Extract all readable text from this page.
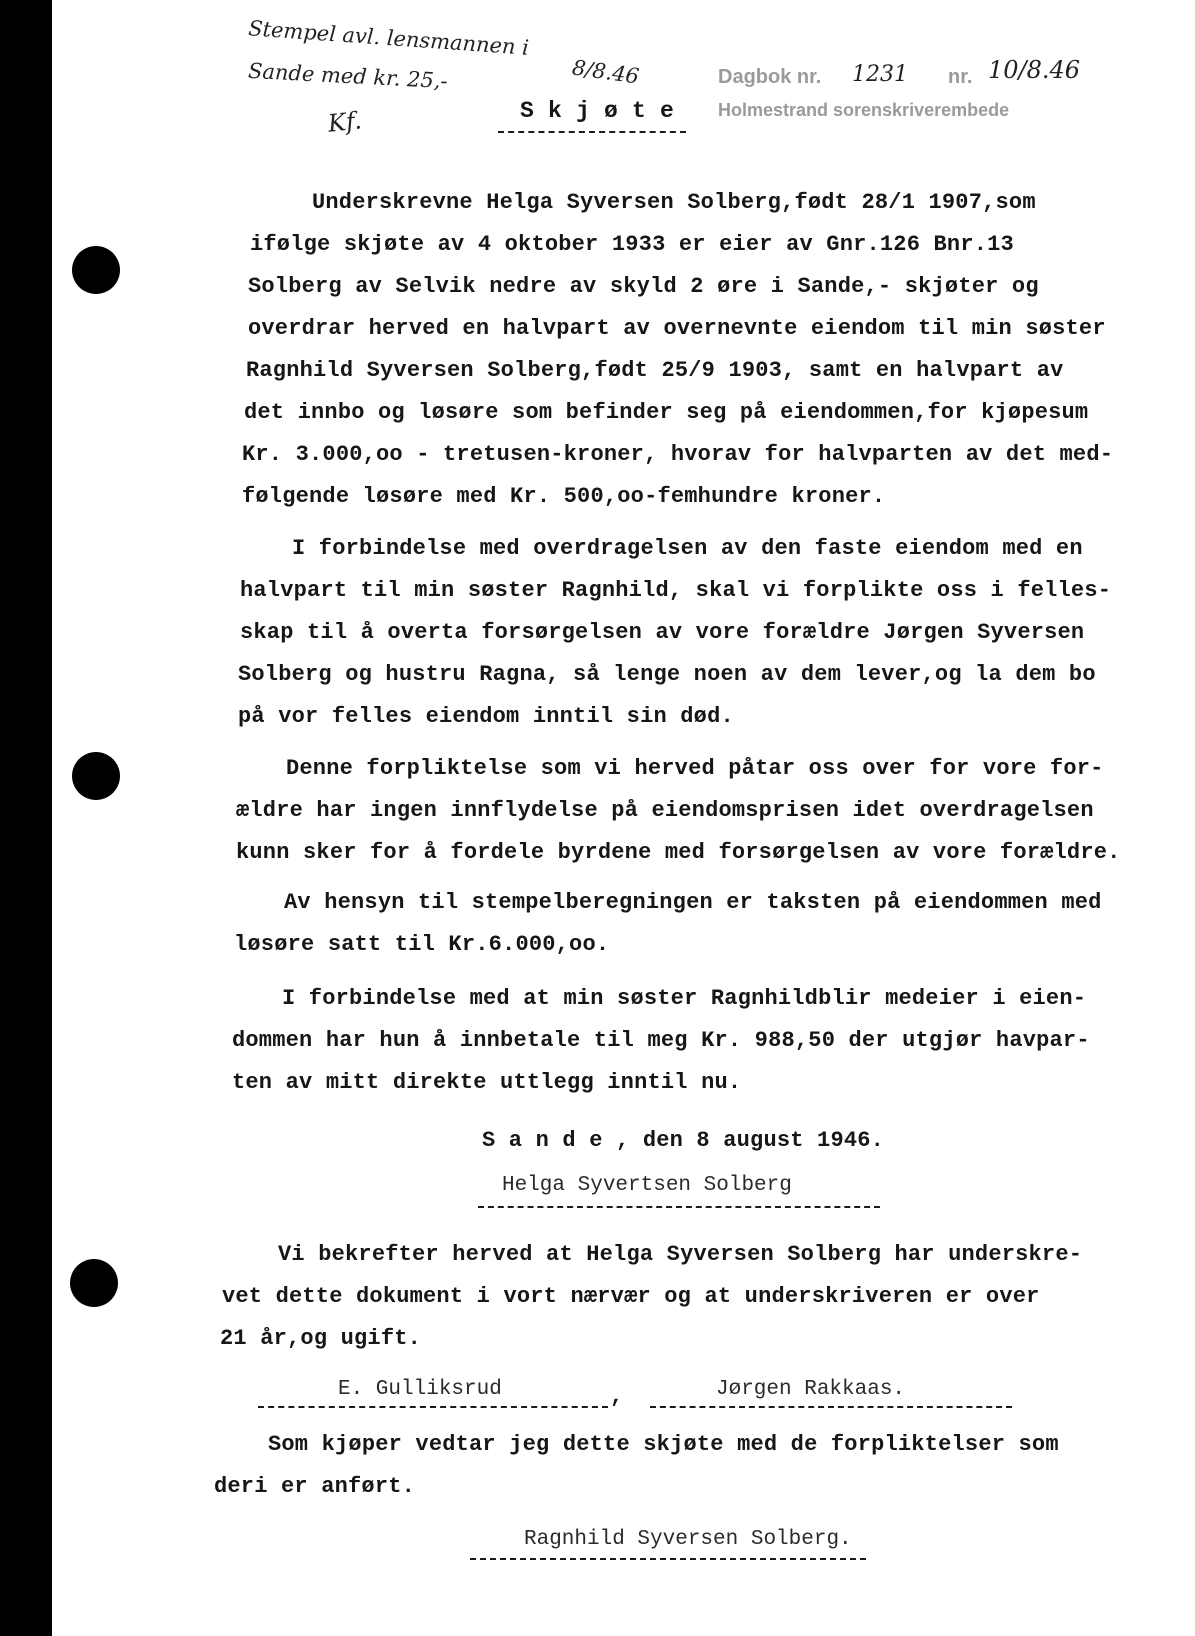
Stempel avl. lensmannen i
Sande med kr. 25,-	8/8.46
Kf.	S k j ø t e
Dagbok nr. 1231 nr. 10/8.46
Holmestrand sorenskriverembede
Underskrevne Helga Syversen Solberg,født 28/1 1907,som
ifølge skjøte av 4 oktober 1933 er eier av Gnr.126 Bnr.13
Solberg av Selvik nedre av skyld 2 øre i Sande,- skjøter og
overdrar herved en halvpart av overnevnte eiendom til min søster
Ragnhild Syversen Solberg,født 25/9 1903, samt en halvpart av
det innbo og løsøre som befinder seg på eiendommen,for kjøpesum
Kr. 3.000,oo - tretusen-kroner, hvorav for halvparten av det med-
følgende løsøre med Kr. 500,oo-femhundre kroner.
I forbindelse med overdragelsen av den faste eiendom med en
halvpart til min søster Ragnhild, skal vi forplikte oss i felles-
skap til å overta forsørgelsen av vore forældre Jørgen Syversen
Solberg og hustru Ragna, så lenge noen av dem lever,og la dem bo
på vor felles eiendom inntil sin død.
Denne forpliktelse som vi herved påtar oss over for vore for-
ældre har ingen innflydelse på eiendomsprisen idet overdragelsen
kunn sker for å fordele byrdene med forsørgelsen av vore forældre.
Av hensyn til stempelberegningen er taksten på eiendommen med
løsøre satt til Kr.6.000,oo.
I forbindelse med at min søster Ragnhildblir medeier i eien-
dommen har hun å innbetale til meg Kr. 988,50 der utgjør havpar-
ten av mitt direkte uttlegg inntil nu.
S a n d e , den 8 august 1946.
Helga Syvertsen Solberg
Vi bekrefter herved at Helga Syversen Solberg har underskre-
vet dette dokument i vort nærvær og at underskriveren er over
21 år,og ugift.
E. Gulliksrud	,	Jørgen Rakkaas.
Som kjøper vedtar jeg dette skjøte med de forpliktelser som
deri er anført.
Ragnhild Syversen Solberg.
